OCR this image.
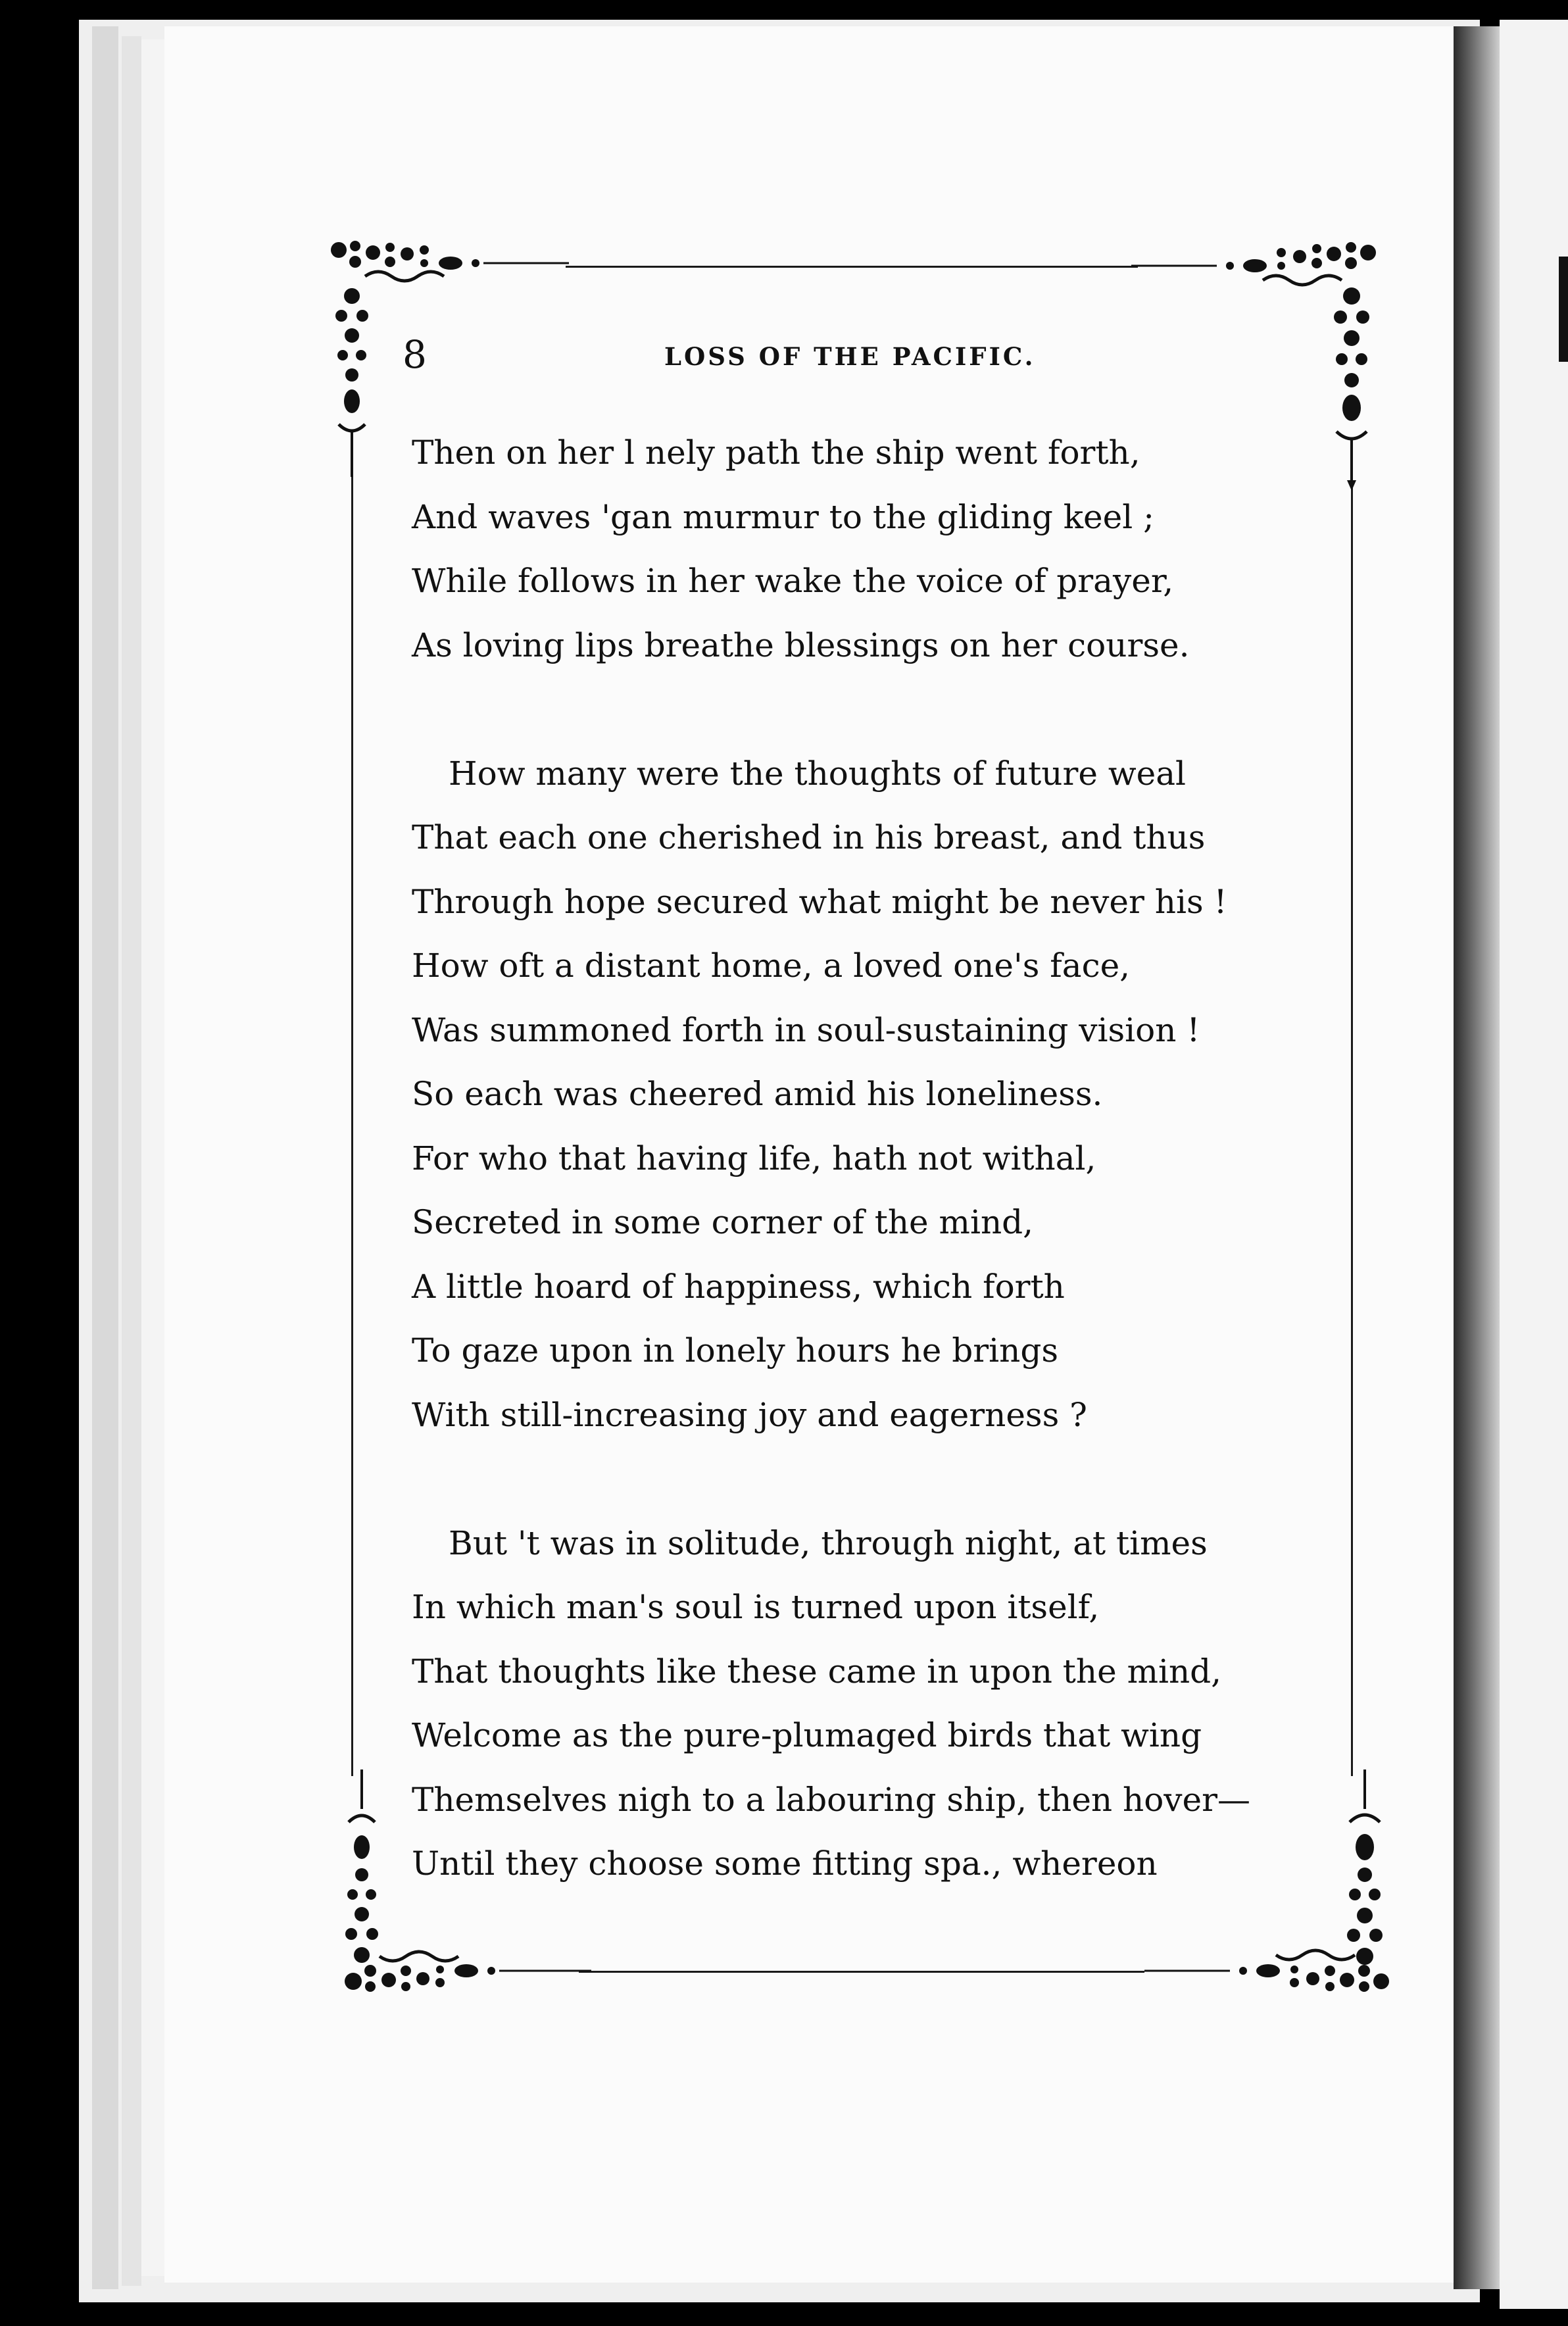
8	LOSS OF THE PACIFIC.
Then on her l nely path the ship went forth,
And waves 'gan murmur to the gliding keel ;
While follows in her wake the voice of prayer,
As loving lips breathe blessings on her course.
How many were the thoughts of future weal
That each one cherished in his breast, and thus
Through hope secured what might be never his !
How oft a distant home, a loved one's face,
Was summoned forth in soul-sustaining vision !
So each was cheered amid his loneliness.
For who that having life, hath not withal,
Secreted in some corner of the mind,
A little hoard of happiness, which forth
To gaze upon in lonely hours he brings
With still-increasing joy and eagerness ?
But 't was in solitude, through night, at times
In which man's soul is turned upon itself,
That thoughts like these came in upon the mind,
Welcome as the pure-plumaged birds that wing
Themselves nigh to a labouring ship, then hover—
Until they choose some fitting spa., whereon
